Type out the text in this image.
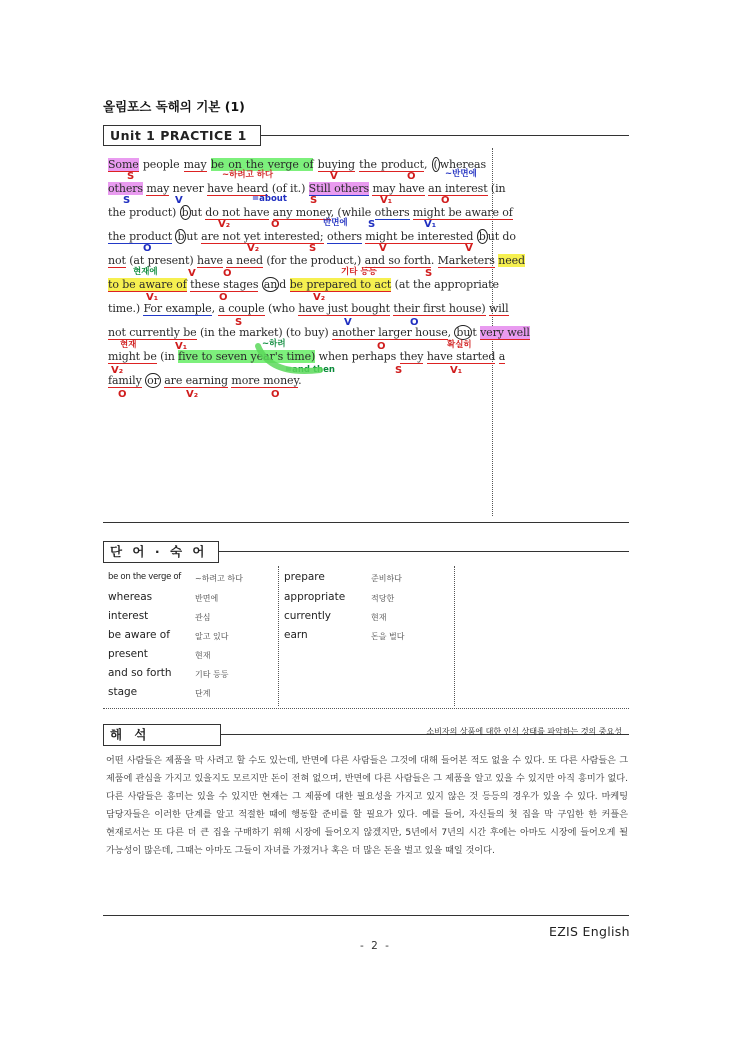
올림포스 독해의 기본 (1)
Unit 1 PRACTICE 1
Some people may be on the verge of buying the product, ( whereas
others may never have heard (of it.) Still others may have an interest (in
the product) b ut do not have any money, (while others might be aware of
the product b ut are not yet interested; others might be interested b ut do
not (at present) have a need (for the product,) and so forth. Marketers need
to be aware of these stages an d be prepared to act (at the appropriate
time.) For example, a couple (who have just bought their first house) will
not currently be (in the market) (to buy) another larger house, bu t very well
might be (in five to seven year's time) when perhaps they have started a
family or are earning more money.
S	~하려고 하다	V	O	~반면에
S	V	=about S	V₁	O
V₂	O	반면에 S	V₁
O	V₂	S	V	V
현재에	V	O	기타 등등	S
V₁	O	V₂
S	V	O
현재	V₁	~하려	O	확실히
V₂	=and then	S	V₁
O	V₂	O
단 어 · 숙 어
be on the verge of ~하려고 하다
whereas	반면에
interest	관심
be aware of	알고 있다
present	현재
and so forth	기타 등등
stage	단계
prepare	준비하다
appropriate	적당한
currently	현재
earn	돈을 벌다
해 석	소비자의 상품에 대한 인식 상태를 파악하는 것의 중요성
어떤 사람들은 제품을 막 사려고 할 수도 있는데, 반면에 다른 사람들은 그것에 대해 들어본 적도 없을 수 있다. 또 다른 사람들은 그 제품에 관심을 가지고 있을지도 모르지만 돈이 전혀 없으며, 반면에 다른 사람들은 그 제품을 알고 있을 수 있지만 아직 흥미가 없다. 다른 사람들은 흥미는 있을 수 있지만 현재는 그 제품에 대한 필요성을 가지고 있지 않은 것 등등의 경우가 있을 수 있다. 마케팅 담당자들은 이러한 단계를 알고 적절한 때에 행동할 준비를 할 필요가 있다. 예를 들어, 자신들의 첫 집을 막 구입한 한 커플은 현재로서는 또 다른 더 큰 집을 구매하기 위해 시장에 들어오지 않겠지만, 5년에서 7년의 시간 후에는 아마도 시장에 들어오게 될 가능성이 많은데, 그때는 아마도 그들이 자녀를 가졌거나 혹은 더 많은 돈을 벌고 있을 때일 것이다.
EZIS English
- 2 -
